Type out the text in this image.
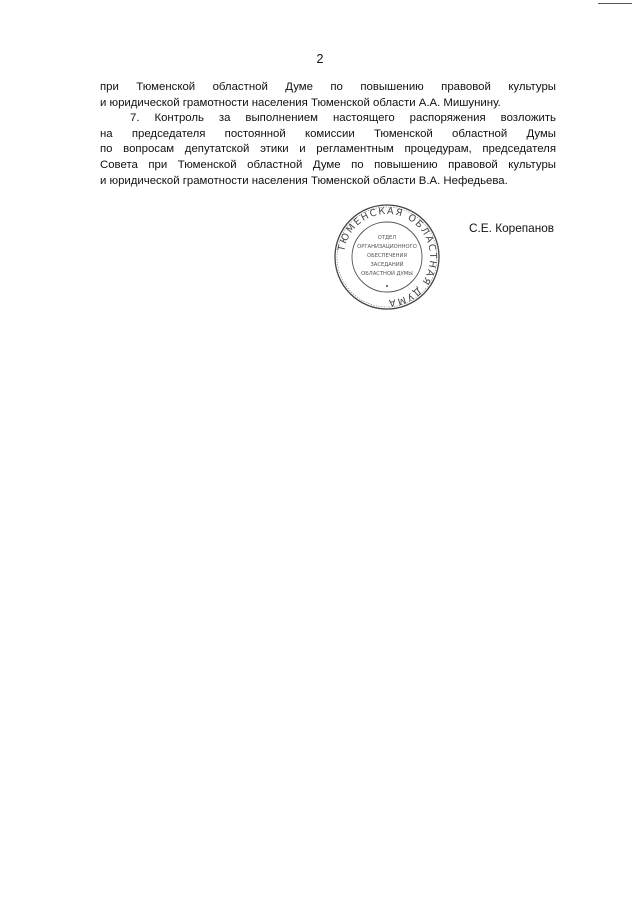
2

при Тюменской областной Думе по повышению правовой культуры
и юридической грамотности населения Тюменской области А.А. Мишунину.

7. Контроль за выполнением настоящего распоряжения возложить
на председателя постоянной комиссии Тюменской областной Думы
по вопросам депутатской этики и регламентным процедурам, председателя
Совета при Тюменской областной Думе по повышению правовой культуры
и юридической грамотности населения Тюменской области В.А. Нефедьева.

ТЮМЕНСКАЯ ОБЛАСТНАЯ ДУМА
ОТДЕЛ
ОРГАНИЗАЦИОННОГО
ОБЕСПЕЧЕНИЯ
ЗАСЕДАНИЙ
ОБЛАСТНОЙ ДУМЫ
С.Е. Корепанов
